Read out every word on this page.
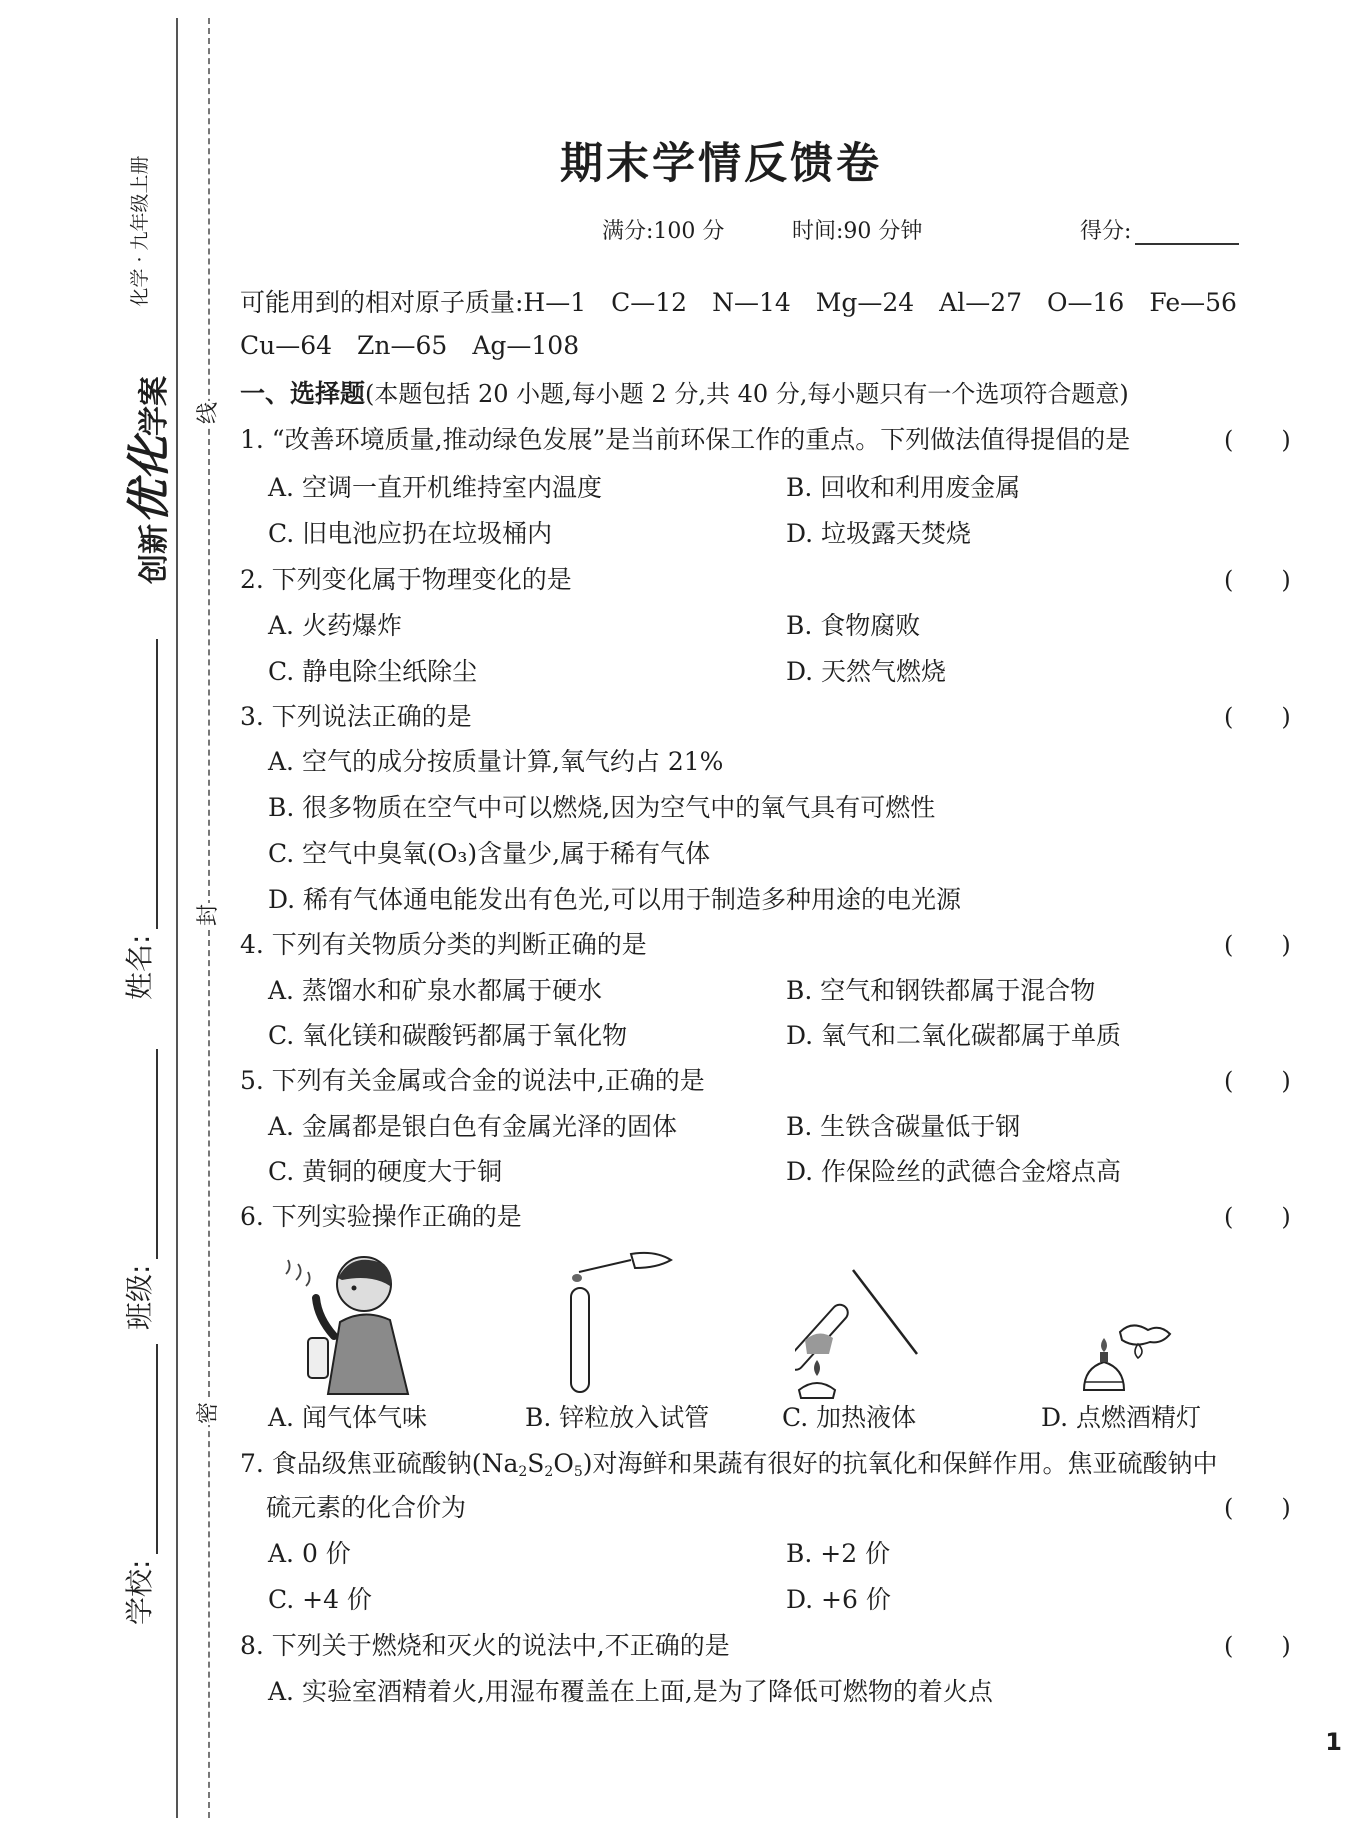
化学 · 九年级上册
创新优化学案
姓名:
班级:
学校:
线
封
密
期末学情反馈卷
满分:100 分	时间:90 分钟	得分:
可能用到的相对原子质量:H—1　C—12　N—14　Mg—24　Al—27　O—16　Fe—56
Cu—64　Zn—65　Ag—108
一、选择题(本题包括 20 小题,每小题 2 分,共 40 分,每小题只有一个选项符合题意)
1. “改善环境质量,推动绿色发展”是当前环保工作的重点。下列做法值得提倡的是	(　　)
A. 空调一直开机维持室内温度	B. 回收和利用废金属
C. 旧电池应扔在垃圾桶内	D. 垃圾露天焚烧
2. 下列变化属于物理变化的是	(　　)
A. 火药爆炸	B. 食物腐败
C. 静电除尘纸除尘	D. 天然气燃烧
3. 下列说法正确的是	(　　)
A. 空气的成分按质量计算,氧气约占 21%
B. 很多物质在空气中可以燃烧,因为空气中的氧气具有可燃性
C. 空气中臭氧(O₃)含量少,属于稀有气体
D. 稀有气体通电能发出有色光,可以用于制造多种用途的电光源
4. 下列有关物质分类的判断正确的是	(　　)
A. 蒸馏水和矿泉水都属于硬水	B. 空气和钢铁都属于混合物
C. 氧化镁和碳酸钙都属于氧化物	D. 氧气和二氧化碳都属于单质
5. 下列有关金属或合金的说法中,正确的是	(　　)
A. 金属都是银白色有金属光泽的固体	B. 生铁含碳量低于钢
C. 黄铜的硬度大于铜	D. 作保险丝的武德合金熔点高
6. 下列实验操作正确的是	(　　)
A. 闻气体气味	B. 锌粒放入试管	C. 加热液体	D. 点燃酒精灯
7. 食品级焦亚硫酸钠$(Na_2S_2O_5)$对海鲜和果蔬有很好的抗氧化和保鲜作用。焦亚硫酸钠中
硫元素的化合价为	(　　)
A. 0 价	B. +2 价
C. +4 价	D. +6 价
8. 下列关于燃烧和灭火的说法中,不正确的是	(　　)
A. 实验室酒精着火,用湿布覆盖在上面,是为了降低可燃物的着火点
1
